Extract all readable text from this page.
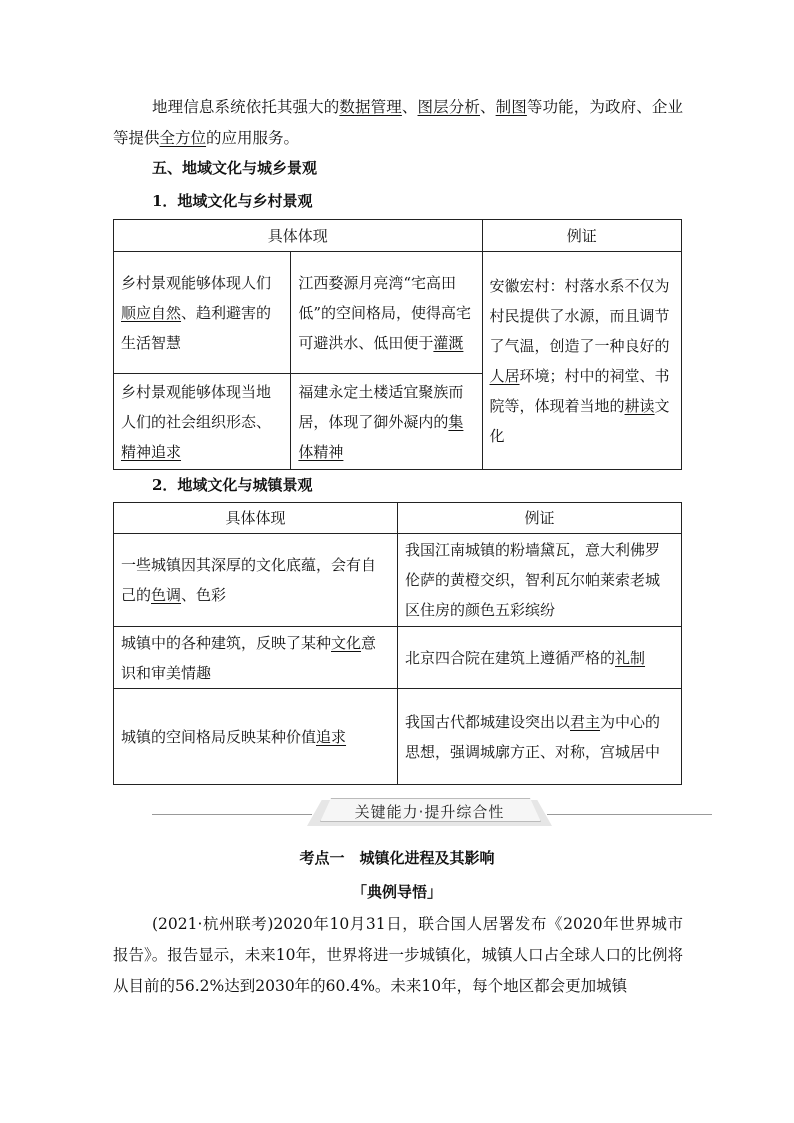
地理信息系统依托其强大的数据管理、图层分析、制图等功能，为政府、企业等提供全方位的应用服务。
五、地域文化与城乡景观
1．地域文化与乡村景观
具体体现		例证
乡村景观能够体现人们顺应自然、趋利避害的生活智慧	江西婺源月亮湾“宅高田低”的空间格局，使得高宅可避洪水、低田便于灌溉	安徽宏村：村落水系不仅为村民提供了水源，而且调节了气温，创造了一种良好的人居环境；村中的祠堂、书院等，体现着当地的耕读文化
乡村景观能够体现当地人们的社会组织形态、精神追求	福建永定土楼适宜聚族而居，体现了御外凝内的集体精神	
2．地域文化与城镇景观
具体体现	例证
一些城镇因其深厚的文化底蕴，会有自己的色调、色彩	我国江南城镇的粉墙黛瓦，意大利佛罗伦萨的黄橙交织，智利瓦尔帕莱索老城区住房的颜色五彩缤纷
城镇中的各种建筑，反映了某种文化意识和审美情趣	北京四合院在建筑上遵循严格的礼制
城镇的空间格局反映某种价值追求	我国古代都城建设突出以君主为中心的思想，强调城廓方正、对称，宫城居中
关键能力·提升综合性
考点一　城镇化进程及其影响
「典例导悟」
(2021·杭州联考)2020年10月31日，联合国人居署发布《2020年世界城市报告》。报告显示，未来10年，世界将进一步城镇化，城镇人口占全球人口的比例将从目前的56.2%达到2030年的60.4%。未来10年，每个地区都会更加城镇
